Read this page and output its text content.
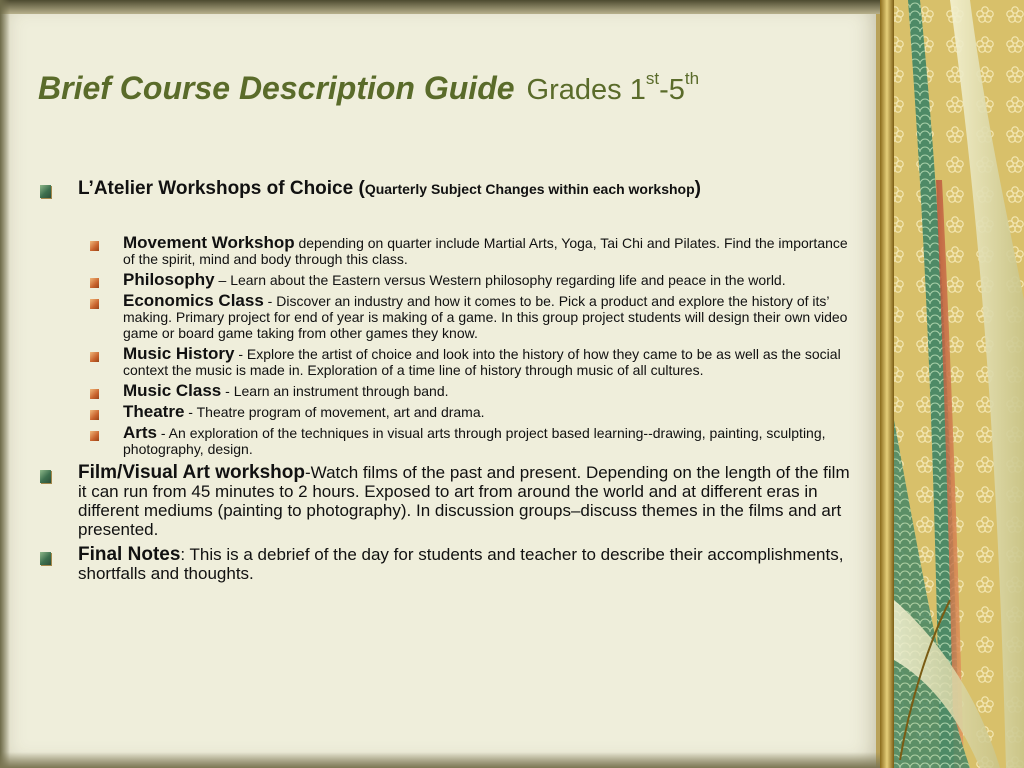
Brief Course Description Guide Grades 1st-5th
L’Atelier Workshops of Choice (Quarterly Subject Changes within each workshop)
Movement Workshop depending on quarter include Martial Arts, Yoga, Tai Chi and Pilates. Find the importance of the spirit, mind and body through this class.
Philosophy – Learn about the Eastern versus Western philosophy regarding life and peace in the world.
Economics Class - Discover an industry and how it comes to be. Pick a product and explore the history of its’ making. Primary project for end of year is making of a game. In this group project students will design their own video game or board game taking from other games they know.
Music History - Explore the artist of choice and look into the history of how they came to be as well as the social context the music is made in. Exploration of a time line of history through music of all cultures.
Music Class - Learn an instrument through band.
Theatre - Theatre program of movement, art and drama.
Arts - An exploration of the techniques in visual arts through project based learning--drawing, painting, sculpting, photography, design.
Film/Visual Art workshop-Watch films of the past and present. Depending on the length of the film it can run from 45 minutes to 2 hours. Exposed to art from around the world and at different eras in different mediums (painting to photography). In discussion groups–discuss themes in the films and art presented.
Final Notes: This is a debrief of the day for students and teacher to describe their accomplishments, shortfalls and thoughts.
